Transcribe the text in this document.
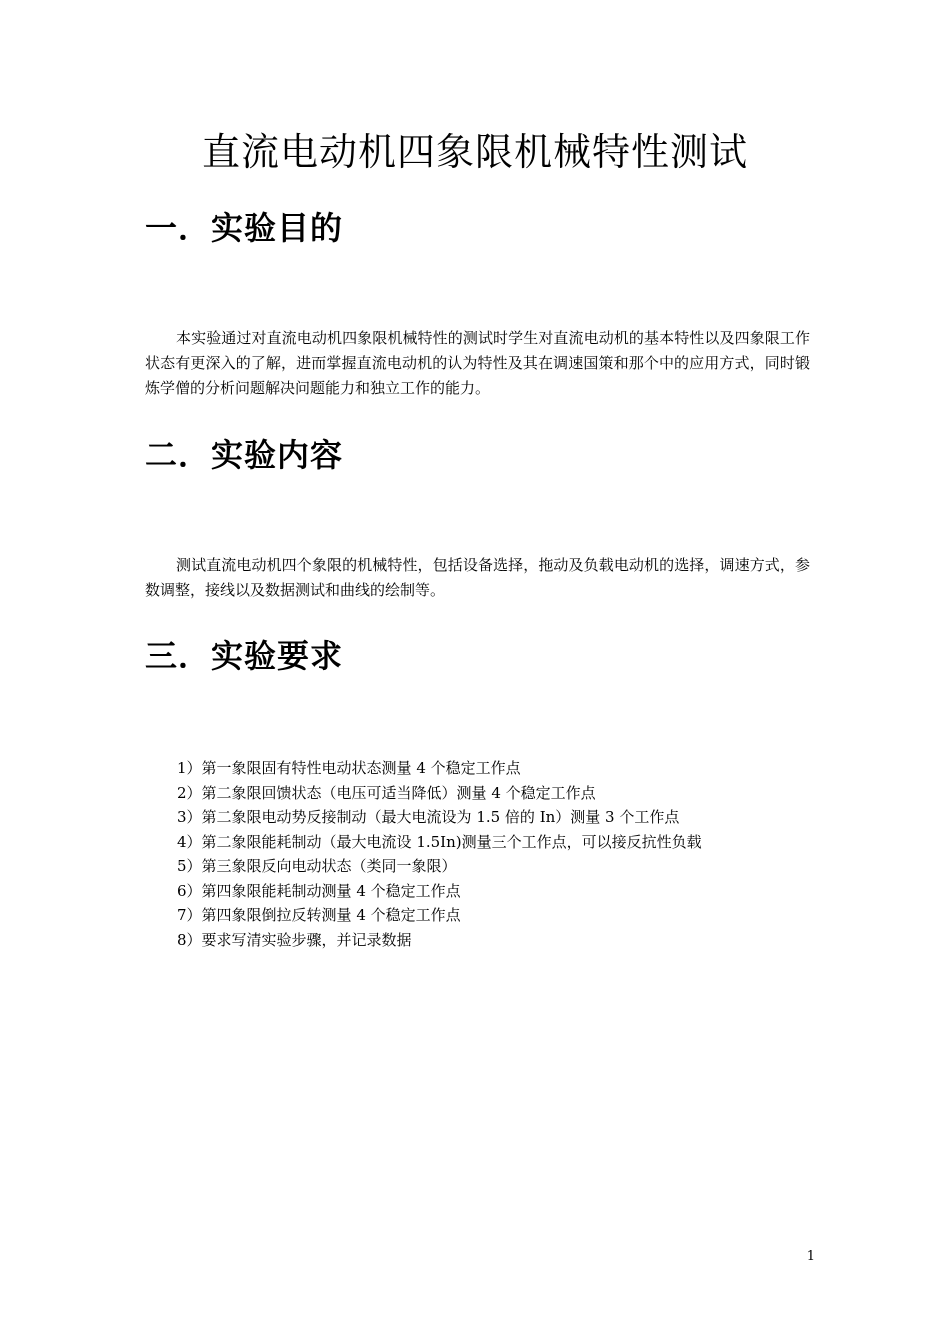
直流电动机四象限机械特性测试
一．实验目的

本实验通过对直流电动机四象限机械特性的测试时学生对直流电动机的基本特性以及四象限工作状态有更深入的了解，进而掌握直流电动机的认为特性及其在调速国策和那个中的应用方式，同时锻炼学僧的分析问题解决问题能力和独立工作的能力。

二．实验内容

测试直流电动机四个象限的机械特性，包括设备选择，拖动及负载电动机的选择，调速方式，参数调整，接线以及数据测试和曲线的绘制等。

三．实验要求
1）第一象限固有特性电动状态测量 4 个稳定工作点
2）第二象限回馈状态（电压可适当降低）测量 4 个稳定工作点
3）第二象限电动势反接制动（最大电流设为 1.5 倍的 In）测量 3 个工作点
4）第二象限能耗制动（最大电流设 1.5In)测量三个工作点，可以接反抗性负载
5）第三象限反向电动状态（类同一象限）
6）第四象限能耗制动测量 4 个稳定工作点
7）第四象限倒拉反转测量 4 个稳定工作点
8）要求写清实验步骤，并记录数据
1
